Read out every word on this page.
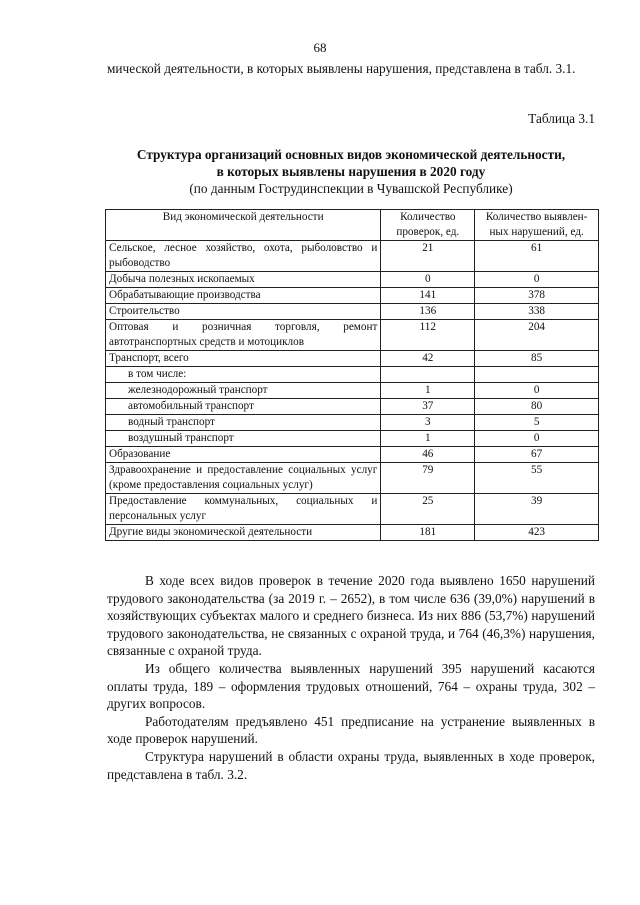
68

мической деятельности, в которых выявлены нарушения, представлена в табл. 3.1.

Таблица 3.1
Структура организаций основных видов экономической деятельности,
в которых выявлены нарушения в 2020 году
(по данным Гострудинспекции в Чувашской Республике)
Вид экономической деятельности	Количество проверок, ед.	Количество выявлен-ных нарушений, ед.
Сельское, лесное хозяйство, охота, рыболовство и рыбоводство	21	61
Добыча полезных ископаемых	0	0
Обрабатывающие производства	141	378
Строительство	136	338
Оптовая и розничная торговля, ремонт автотранспортных средств и мотоциклов	112	204
Транспорт, всего	42	85
в том числе:		
железнодорожный транспорт	1	0
автомобильный транспорт	37	80
водный транспорт	3	5
воздушный транспорт	1	0
Образование	46	67
Здравоохранение и предоставление социальных услуг (кроме предоставления социальных услуг)	79	55
Предоставление коммунальных, социальных и персональных услуг	25	39
Другие виды экономической деятельности	181	423

В ходе всех видов проверок в течение 2020 года выявлено 1650 нарушений трудового законодательства (за 2019 г. – 2652), в том числе 636 (39,0%) нарушений в хозяйствующих субъектах малого и среднего бизнеса. Из них 886 (53,7%) нарушений трудового законодательства, не связанных с охраной труда, и 764 (46,3%) нарушения, связанные с охраной труда.

Из общего количества выявленных нарушений 395 нарушений касаются оплаты труда, 189 – оформления трудовых отношений, 764 – охраны труда, 302 – других вопросов.

Работодателям предъявлено 451 предписание на устранение выявленных в ходе проверок нарушений.

Структура нарушений в области охраны труда, выявленных в ходе проверок, представлена в табл. 3.2.
